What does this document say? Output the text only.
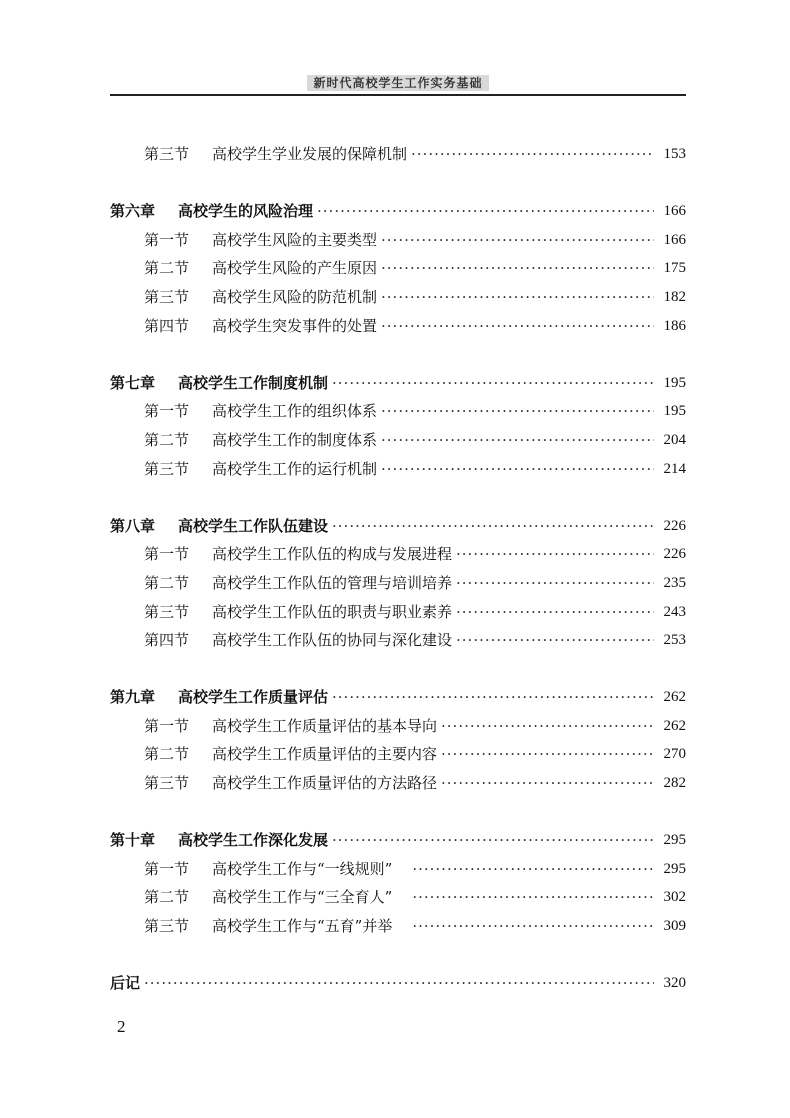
新时代高校学生工作实务基础
第三节 高校学生学业发展的保障机制 ·····	153
第六章 高校学生的风险治理 ·····	166
第一节 高校学生风险的主要类型 ·····	166
第二节 高校学生风险的产生原因 ·····	175
第三节 高校学生风险的防范机制 ·····	182
第四节 高校学生突发事件的处置 ·····	186
第七章 高校学生工作制度机制 ·····	195
第一节 高校学生工作的组织体系 ·····	195
第二节 高校学生工作的制度体系 ·····	204
第三节 高校学生工作的运行机制 ·····	214
第八章 高校学生工作队伍建设 ·····	226
第一节 高校学生工作队伍的构成与发展进程 ·····	226
第二节 高校学生工作队伍的管理与培训培养 ·····	235
第三节 高校学生工作队伍的职责与职业素养 ·····	243
第四节 高校学生工作队伍的协同与深化建设 ·····	253
第九章 高校学生工作质量评估 ·····	262
第一节 高校学生工作质量评估的基本导向 ·····	262
第二节 高校学生工作质量评估的主要内容 ·····	270
第三节 高校学生工作质量评估的方法路径 ·····	282
第十章 高校学生工作深化发展 ·····	295
第一节 高校学生工作与“一线规则” ·····	295
第二节 高校学生工作与“三全育人” ·····	302
第三节 高校学生工作与“五育”并举 ·····	309
后记 ·····	320
2
